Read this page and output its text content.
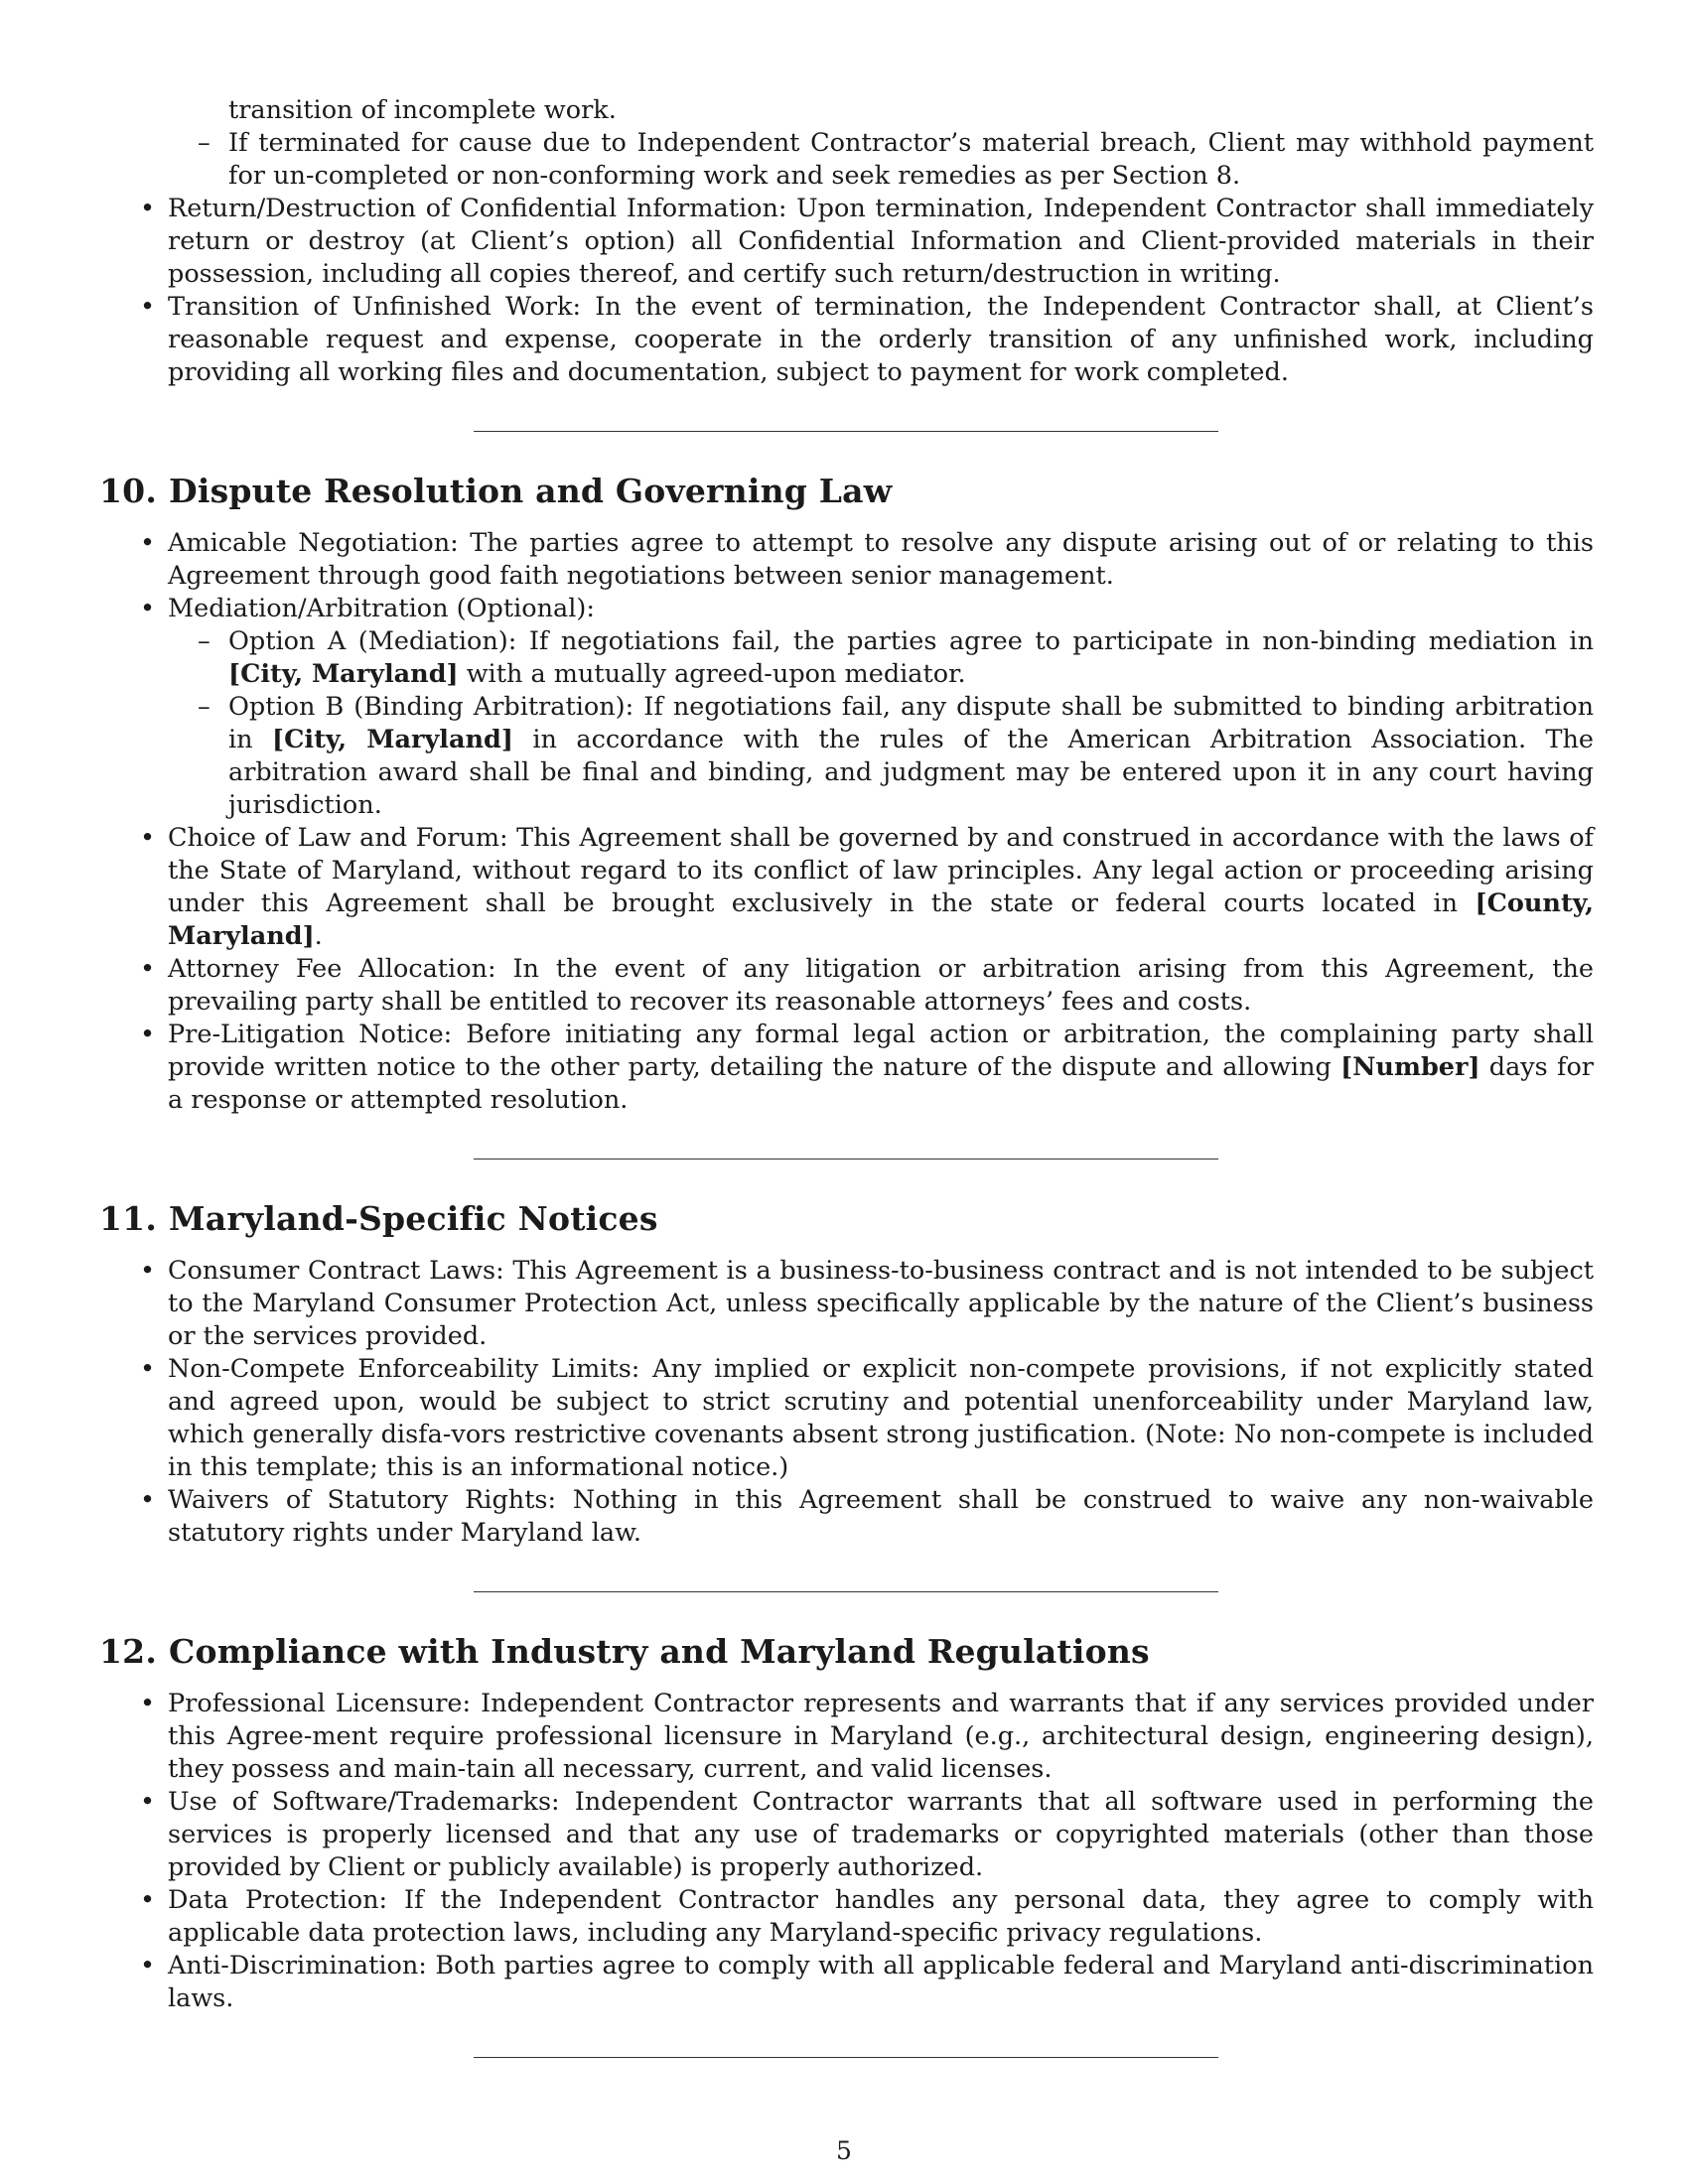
transition of incomplete work.

– If terminated for cause due to Independent Contractor’s material breach, Client may withhold payment for un-completed or non-conforming work and seek remedies as per Section 8.
• Return/Destruction of Confidential Information: Upon termination, Independent Contractor shall immediately return or destroy (at Client’s option) all Confidential Information and Client-provided materials in their possession, including all copies thereof, and certify such return/destruction in writing.
• Transition of Unfinished Work: In the event of termination, the Independent Contractor shall, at Client’s reasonable request and expense, cooperate in the orderly transition of any unfinished work, including providing all working files and documentation, subject to payment for work completed.
10. Dispute Resolution and Governing Law
• Amicable Negotiation: The parties agree to attempt to resolve any dispute arising out of or relating to this Agreement through good faith negotiations between senior management.
• Mediation/Arbitration (Optional):
– Option A (Mediation): If negotiations fail, the parties agree to participate in non-binding mediation in [City, Maryland] with a mutually agreed-upon mediator.
– Option B (Binding Arbitration): If negotiations fail, any dispute shall be submitted to binding arbitration in [City, Maryland] in accordance with the rules of the American Arbitration Association. The arbitration award shall be final and binding, and judgment may be entered upon it in any court having jurisdiction.
• Choice of Law and Forum: This Agreement shall be governed by and construed in accordance with the laws of the State of Maryland, without regard to its conflict of law principles. Any legal action or proceeding arising under this Agreement shall be brought exclusively in the state or federal courts located in [County, Maryland].
• Attorney Fee Allocation: In the event of any litigation or arbitration arising from this Agreement, the prevailing party shall be entitled to recover its reasonable attorneys’ fees and costs.
• Pre-Litigation Notice: Before initiating any formal legal action or arbitration, the complaining party shall provide written notice to the other party, detailing the nature of the dispute and allowing [Number] days for a response or attempted resolution.
11. Maryland-Specific Notices
• Consumer Contract Laws: This Agreement is a business-to-business contract and is not intended to be subject to the Maryland Consumer Protection Act, unless specifically applicable by the nature of the Client’s business or the services provided.
• Non-Compete Enforceability Limits: Any implied or explicit non-compete provisions, if not explicitly stated and agreed upon, would be subject to strict scrutiny and potential unenforceability under Maryland law, which generally disfa-vors restrictive covenants absent strong justification. (Note: No non-compete is included in this template; this is an informational notice.)
• Waivers of Statutory Rights: Nothing in this Agreement shall be construed to waive any non-waivable statutory rights under Maryland law.
12. Compliance with Industry and Maryland Regulations
• Professional Licensure: Independent Contractor represents and warrants that if any services provided under this Agree-ment require professional licensure in Maryland (e.g., architectural design, engineering design), they possess and main-tain all necessary, current, and valid licenses.
• Use of Software/Trademarks: Independent Contractor warrants that all software used in performing the services is properly licensed and that any use of trademarks or copyrighted materials (other than those provided by Client or publicly available) is properly authorized.
• Data Protection: If the Independent Contractor handles any personal data, they agree to comply with applicable data protection laws, including any Maryland-specific privacy regulations.
• Anti-Discrimination: Both parties agree to comply with all applicable federal and Maryland anti-discrimination laws.
5
